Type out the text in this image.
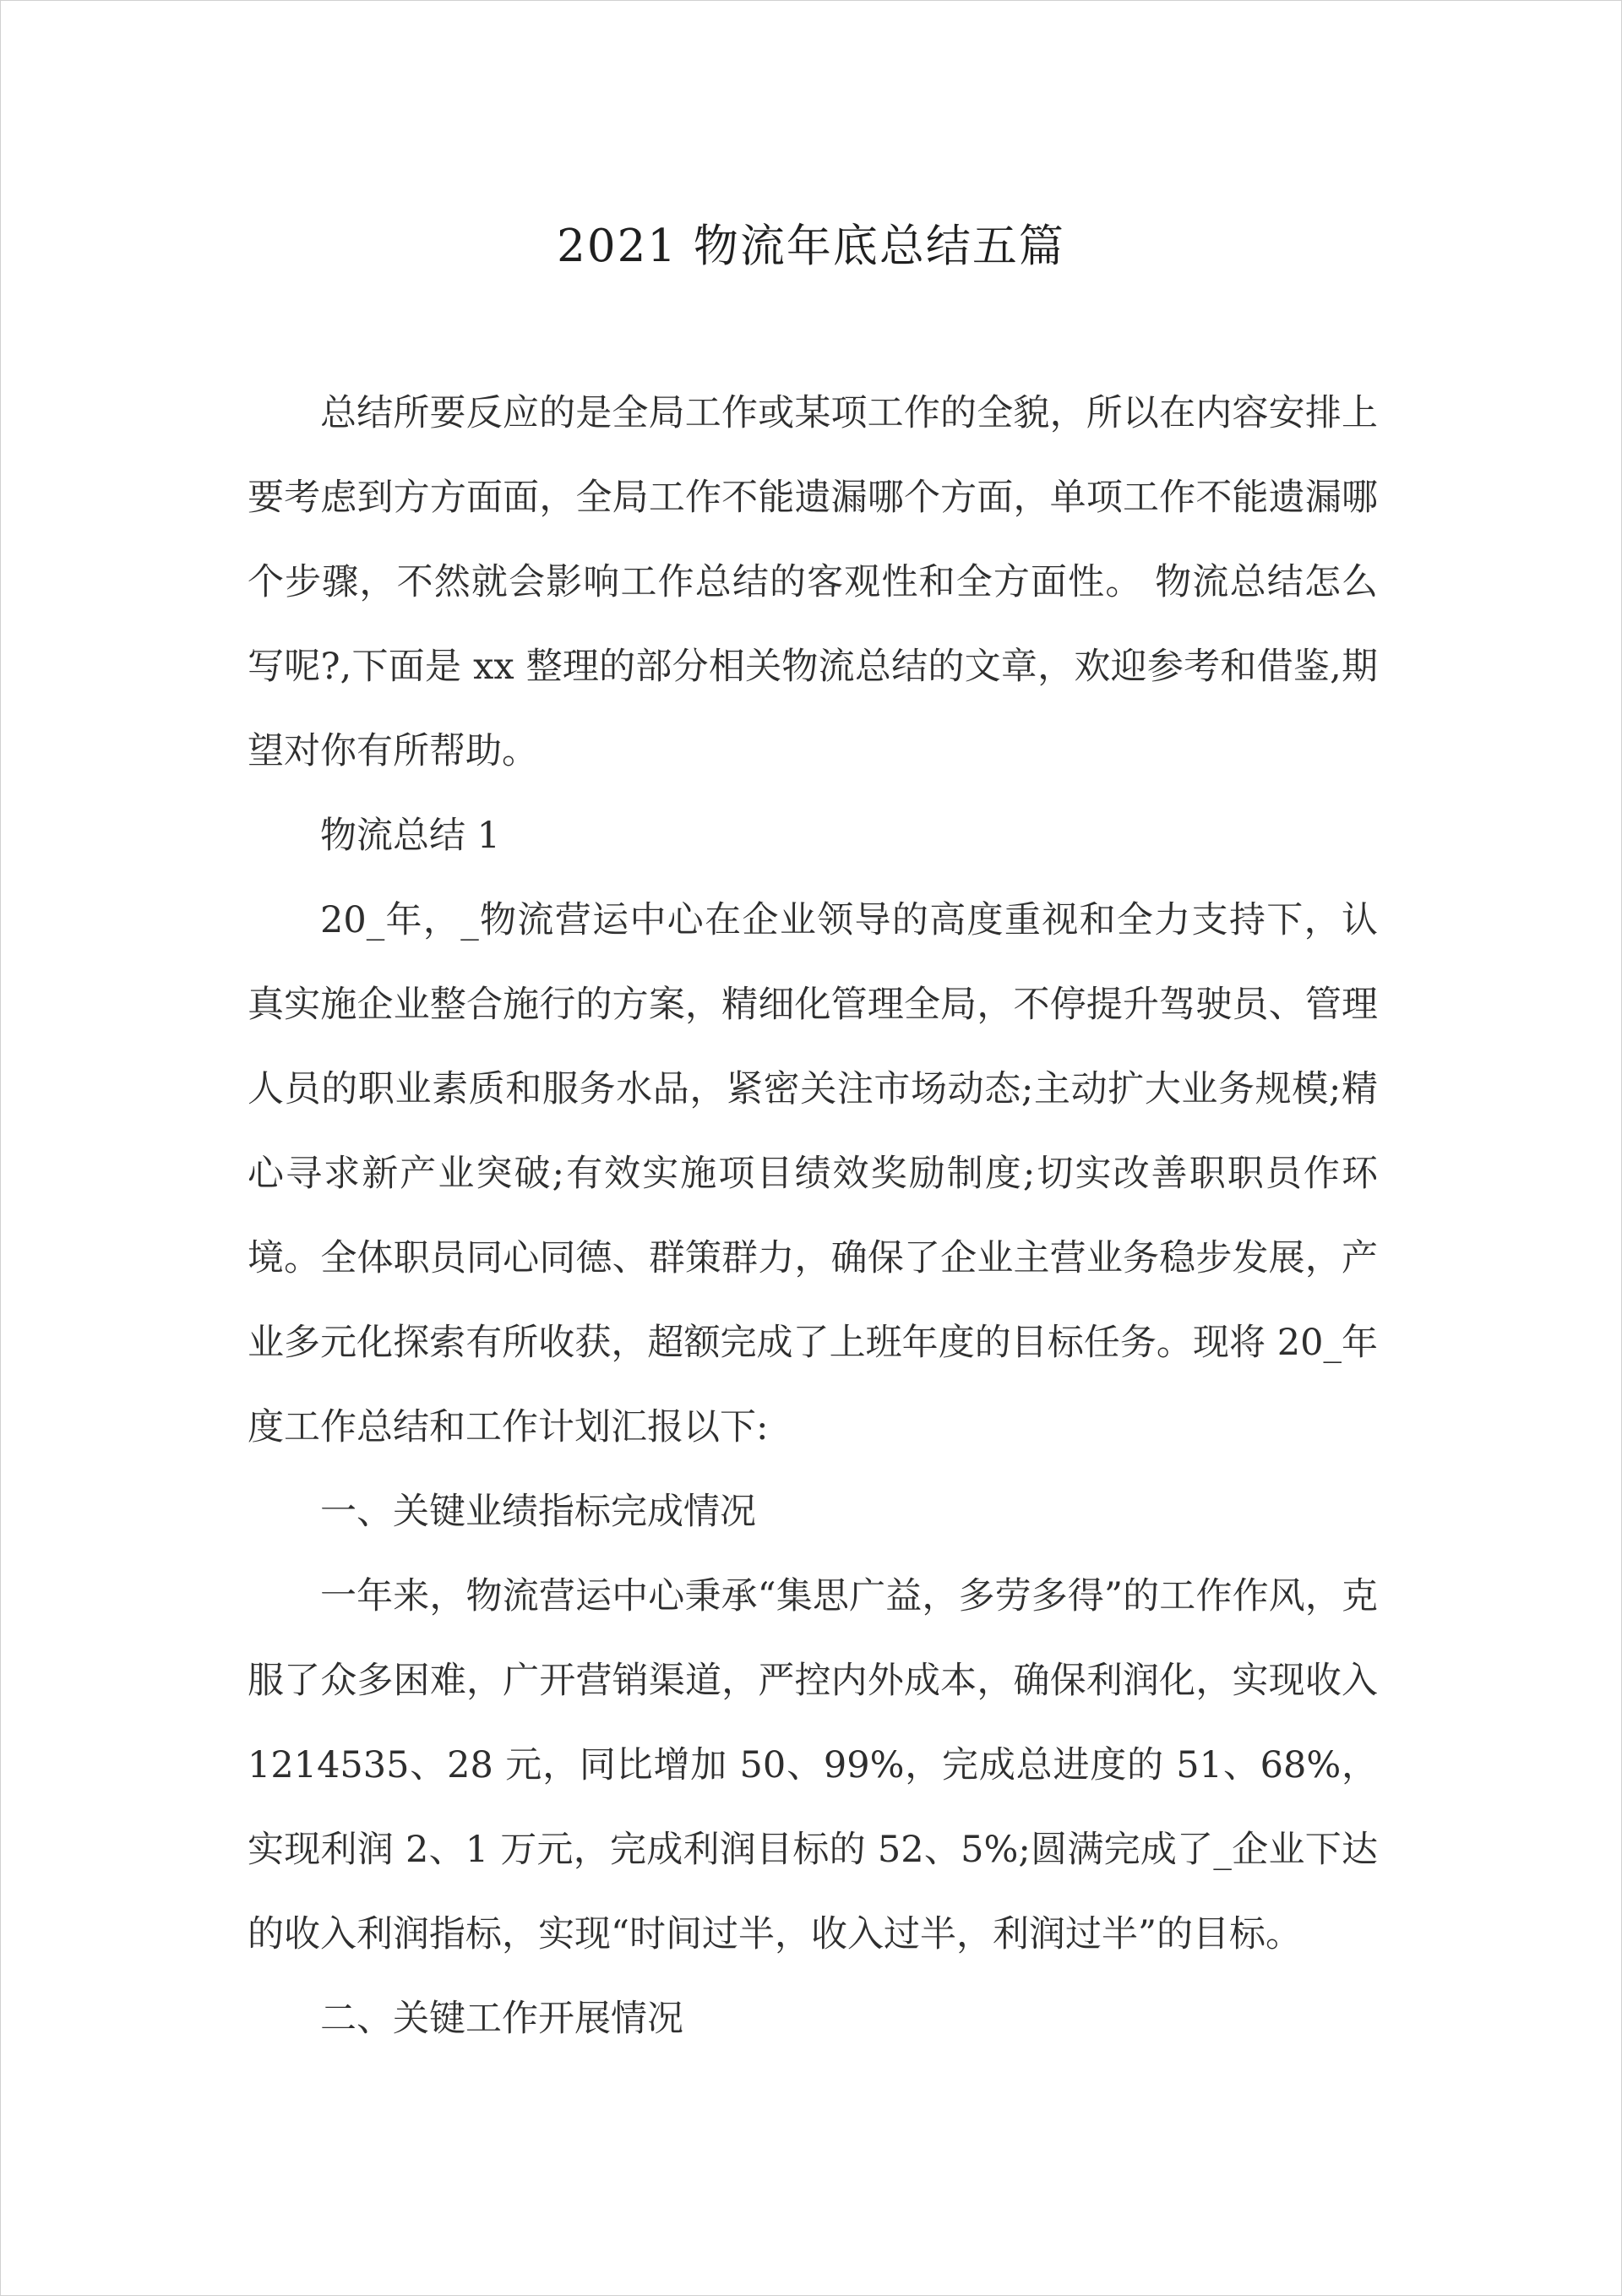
2021 物流年底总结五篇

总结所要反应的是全局工作或某项工作的全貌，所以在内容安排上要考虑到方方面面，全局工作不能遗漏哪个方面，单项工作不能遗漏哪个步骤，不然就会影响工作总结的客观性和全方面性。 物流总结怎么写呢?,下面是 xx 整理的部分相关物流总结的文章，欢迎参考和借鉴,期望对你有所帮助。

物流总结 1

20_年，_物流营运中心在企业领导的高度重视和全力支持下，认真实施企业整合施行的方案，精细化管理全局，不停提升驾驶员、管理人员的职业素质和服务水品，紧密关注市场动态;主动扩大业务规模;精心寻求新产业突破;有效实施项目绩效奖励制度;切实改善职职员作环境。全体职员同心同德、群策群力，确保了企业主营业务稳步发展，产业多元化探索有所收获，超额完成了上班年度的目标任务。现将 20_年度工作总结和工作计划汇报以下:

一、关键业绩指标完成情况

一年来，物流营运中心秉承“集思广益，多劳多得”的工作作风，克服了众多困难，广开营销渠道，严控内外成本，确保利润化，实现收入 1214535、28 元，同比增加 50、99%，完成总进度的 51、68%，实现利润 2、1 万元，完成利润目标的 52、5%;圆满完成了_企业下达的收入利润指标，实现“时间过半，收入过半，利润过半”的目标。

二、关键工作开展情况
